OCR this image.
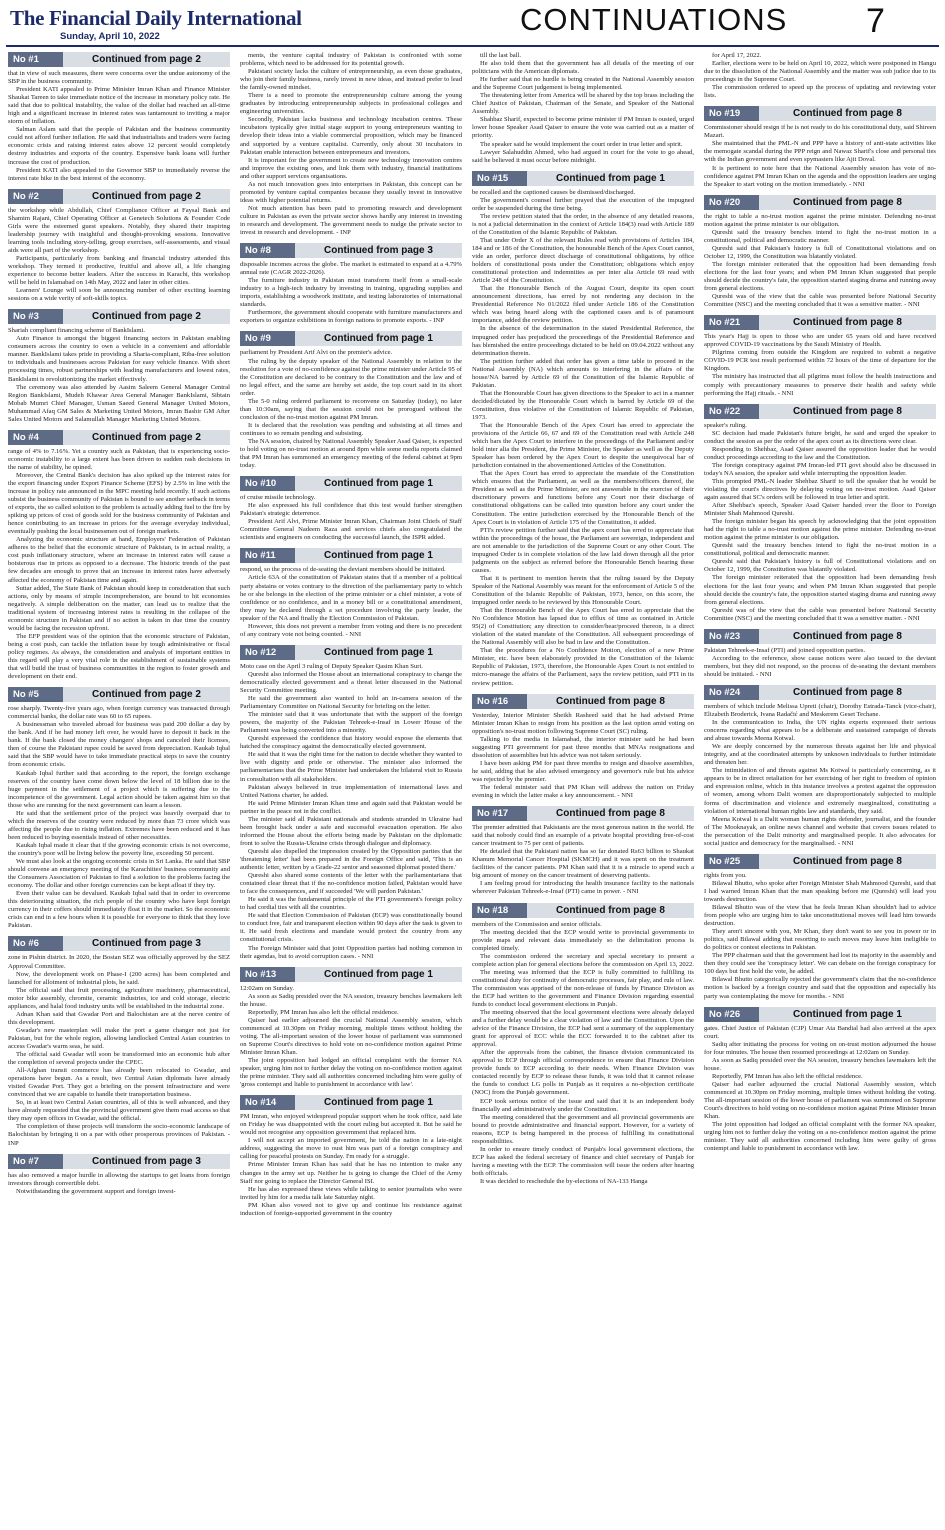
The Financial Daily International
Sunday, April 10, 2022	CONTINUATIONS 7
No #1	Continued from page 2

that in view of such measures, there were concerns over the undue autonomy of the SBP in the business community.

President KATI appealed to Prime Minister Imran Khan and Finance Minister Shaukat Tareen to take immediate notice of the increase in monetary policy rate. He said that due to political instability, the value of the dollar had reached an all-time high and a significant increase in interest rates was tantamount to inviting a major storm of inflation.

Salman Aslam said that the people of Pakistan and the business community could not afford further inflation. He said that industrialists and traders were facing economic crisis and raising interest rates above 12 percent would completely destroy industries and exports of the country. Expensive bank loans will further increase the cost of production.

President KATI also appealed to the Governor SBP to immediately reverse the interest rate hike in the best interest of the economy.

No #2	Continued from page 2

the workshop while Abdullah, Chief Compliance Officer at Faysal Bank and Shamim Rajani, Chief Operating Officer at Genetech Solutions & Founder Code Girls were the esteemed guest speakers. Notably, they shared their inspiring leadership journey with insightful and thought-provoking sessions. Innovative learning tools including story-telling, group exercises, self-assessments, and visual aids were all part of the workshop.

Participants, particularly from banking and financial industry attended this workshop. They termed it productive, fruitful and above all, a life changing experience to become better leaders. After the success in Karachi, this workshop will be held in Islamabad on 14th May, 2022 and later in other cities.

Learners' Lounge will soon be announcing number of other exciting learning sessions on a wide verity of soft-skills topics.

No #3	Continued from page 2

Shariah compliant financing scheme of BankIslami.

Auto Finance is amongst the biggest financing sectors in Pakistan enabling consumers across the country to own a vehicle in a convenient and affordable manner. BankIslami takes pride in providing a Sharia-compliant, Riba-free solution to individuals and businesses across Pakistan for easy vehicle finance. With short processing times, robust partnerships with leading manufacturers and lowest rates, BankIslami is revolutionizing the market effectively.

The ceremony was also attended by Aasim Saleem General Manager Central Region BankIslami, Mudeh Khawar Area General Manager BankIslami, Sibtain Mobab Mumri Chief Manager, Usman Saeed General Manager United Motors, Muhammad Afaq GM Sales & Marketing United Motors, Imran Bashir GM After Sales United Motors and Salamullah Manager Marketing United Motors.

No #4	Continued from page 2

range of 4% to 7.16%. Yet a country such as Pakistan, that is experiencing socio-economic instability to a large extent has been driven to sudden rash decisions in the name of stability, he opined.

Moreover, the Central Bank's decision has also spiked up the interest rates for the export financing under Export Finance Scheme (EFS) by 2.5% in line with the increase in policy rate announced in the MPC meeting held recently. If such actions subsist the business community of Pakistan is bound to see another setback in terms of exports, the so called solution to the problem is actually adding fuel to the fire by spiking up prices of cost of goods sold for the business community of Pakistan and hence contributing to an increase in prices for the average everyday individual, eventually pushing the local businessmen out of foreign markets.

Analyzing the economic structure at hand, Employers' Federation of Pakistan adheres to the belief that the economic structure of Pakistan, is in actual reality, a cost push inflationary structure, where an increase in interest rates will cause a boisterous rise in prices as opposed to a decrease. The historic trends of the past few decades are enough to prove that an increase in interest rates have adversely affected the economy of Pakistan time and again.

Suttar added, The State Bank of Pakistan should keep in consideration that such actions, only by means of simple incomprehension, are bound to hit economies negatively. A simple deliberation on the matter, can lead us to realize that the traditional system of increasing interest rates is resulting in the collapse of the economic structure in Pakistan and if no action is taken in due time the country would be facing the recession upfront.

The EFP president was of the opinion that the economic structure of Pakistan, being a cost push, can tackle the inflation issue by tough administrative or fiscal policy regimes. As always, the consideration and analysis of important entities in this regard will play a very vital role in the establishment of sustainable systems that will build the trust of business communities in the region to foster growth and development on their end.

No #5	Continued from page 2

rose sharply. Twenty-five years ago, when foreign currency was transacted through commercial banks, the dollar rate was 60 to 65 rupees.

A businessman who traveled abroad for business was paid 200 dollar a day by the bank. And if he had money left over, he would have to deposit it back in the bank. If the bank closed the money changers' shops and canceled their licenses, then of course the Pakistani rupee could be saved from depreciation. Kaukab Iqbal said that the SBP would have to take immediate practical steps to save the country from economic crisis.

Kaukab Iqbal further said that according to the report, the foreign exchange reserves of the country have come down below the level of 18 billion due to the huge payment in the settlement of a project which is suffering due to the incompetence of the government. Legal action should be taken against him so that those who are running for the next government can learn a lesson.

He said that the settlement price of the project was heavily overpaid due to which the reserves of the country were reduced by more than 73 crore which was affecting the people due to rising inflation. Extremes have been reduced and it has been reduced to buying essentials instead of other necessities.

Kaukab Iqbal made it clear that if the growing economic crisis is not overcome, the country's poor will be living below the poverty line, exceeding 50 percent.

We must also look at the ongoing economic crisis in Sri Lanka. He said that SBP should convene an emergency meeting of the Karachiites' business community and the Consumers Association of Pakistan to find a solution to the problems facing the economy. The dollar and other foreign currencies can be kept afloat if they try.

Even their value can be devalued. Kaukab Iqbal said that in order to overcome this deteriorating situation, the rich people of the country who have kept foreign currency in their coffers should immediately float it in the market. So the economic crisis can end in a few hours when it is possible for everyone to think that they love Pakistan.

No #6	Continued from page 3

zone in Pishin district. In 2020, the Bostan SEZ was officially approved by the SEZ Approval Committee.

Now, the development work on Phase-I (200 acres) has been completed and launched for allotment of industrial plots, he said.

The official said that fruit processing, agriculture machinery, pharmaceutical, motor bike assembly, chromite, ceramic industries, ice and cold storage, electric appliances, and halal food industry units will be established in the industrial zone.

Adnan Khan said that Gwadar Port and Balochistan are at the nerve centre of this development.

Gwadar's new masterplan will make the port a game changer not just for Pakistan, but for the whole region, allowing landlocked Central Asian countries to access Gwadar's warm seas, he said.

The official said Gwadar will soon be transformed into an economic hub after the completion of several projects under the CPEC.

All-Afghan transit commerce has already been relocated to Gwadar, and operations have begun. As a result, two Central Asian diplomats have already visited Gwadar Port. They got a briefing on the present infrastructure and were convinced that we are capable to handle their transportation business.

So, in at least two Central Asian countries, all of this is well advanced, and they have already requested that the provincial government give them road access so that they may open offices in Gwadar, said the official.

The completion of these projects will transform the socio-economic landscape of Balochistan by bringing it on a par with other prosperous provinces of Pakistan. - INP

No #7	Continued from page 3

has also removed a major hurdle in allowing the startups to get loans from foreign investors through convertible debt.

Notwithstanding the government support and foreign invest-

ments, the venture capital industry of Pakistan is confronted with some problems, which need to be addressed for its potential growth.

Pakistani society lacks the culture of entrepreneurship, as even those graduates, who join their family business, rarely invest in new ideas, and instead prefer to lead the family-owned mindset.

There is a need to promote the entrepreneurship culture among the young graduates by introducing entrepreneurship subjects in professional colleges and engineering universities.

Secondly, Pakistan lacks business and technology incubation centres. These incubators typically give initial stage support to young entrepreneurs wanting to develop their ideas into a viable commercial proposition, which may be financed and supported by a venture capitalist. Currently, only about 30 incubators in Pakistan enable interaction between entrepreneurs and investors.

It is important for the government to create new technology innovation centres and improve the existing ones, and link them with industry, financial institutions and other support services organisations.

As not much innovation goes into enterprises in Pakistan, this concept can be promoted by venture capital companies because they usually invest in innovative ideas with higher potential returns.

Not much attention has been paid to promoting research and development culture in Pakistan as even the private sector shows hardly any interest in investing in research and development. The government needs to nudge the private sector to invest in research and development. - INP

No #8	Continued from page 3

disposable incomes across the globe. The market is estimated to expand at a 4.79% annual rate (CAGR 2022-2026).

The furniture industry in Pakistan must transform itself from a small-scale industry to a high-tech industry by investing in training, upgrading supplies and imports, establishing a woodwork institute, and testing laboratories of international standards.

Furthermore, the government should cooperate with furniture manufacturers and exporters to organize exhibitions in foreign nations to promote exports. - INP

No #9	Continued from page 1

parliament by President Arif Alvi on the premier's advice.

The ruling by the deputy speaker of the National Assembly in relation to the resolution for a vote of no-confidence against the prime minister under Article 95 of the Constitution are declared to be contrary to the Constitution and the law and of no legal effect, and the same are hereby set aside, the top court said in its short order.

The 5-0 ruling ordered parliament to reconvene on Saturday (today), no later than 10:30am, saying that the session could not be prorogued without the conclusion of the no-trust motion against PM Imran.

It is declared that the resolution was pending and subsisting at all times and continues to so remain pending and subsisting.

The NA session, chaired by National Assembly Speaker Asad Qaiser, is expected to hold voting on no-trust motion at around 8pm while some media reports claimed that PM Imran has summoned an emergency meeting of the federal cabinet at 9pm today.

No #10	Continued from page 1

of cruise missile technology.

He also expressed his full confidence that this test would further strengthen Pakistan's strategic deterrence.

President Arif Alvi, Prime Minister Imran Khan, Chairman Joint Chiefs of Staff Committee General Nadeem Raza and services chiefs also congratulated the scientists and engineers on conducting the successful launch, the ISPR added.

No #11	Continued from page 1

respond, so the process of de-seating the deviant members should be initiated.

Article 63A of the constitution of Pakistan states that if a member of a political party abstains or votes contrary to the direction of the parliamentary party to which he or she belongs in the election of the prime minister or a chief minister, a vote of confidence or no confidence, and in a money bill or a constitutional amendment, they may be declared through a set procedure involving the party leader, the speaker of the NA and finally the Election Commission of Pakistan.

However, this does not prevent a member from voting and there is no precedent of any contrary vote not being counted. - NNI

No #12	Continued from page 1

Moto case on the April 3 ruling of Deputy Speaker Qasim Khan Suri.

Qureshi also informed the House about an international conspiracy to change the democratically elected government and a threat letter discussed in the National Security Committee meeting.

He said the government also wanted to hold an in-camera session of the Parliamentary Committee on National Security for briefing on the letter.

The minister said that it was unfortunate that with the support of the foreign powers, the majority of the Pakistan Tehreek-e-Insaf in Lower House of the Parliament was being converted into a minority.

Qureshi expressed the confidence that history would expose the elements that hatched the conspiracy against the democratically elected government.

He said that it was the right time for the nation to decide whether they wanted to live with dignity and pride or otherwise. The minister also informed the parliamentarians that the Prime Minister had undertaken the bilateral visit to Russia in consultation with all stakeholders.

Pakistan always believed in true implementation of international laws and United Nations charter, he added.

He said Prime Minister Imran Khan time and again said that Pakistan would be partner in the peace not in the conflict.

The minister said all Pakistani nationals and students stranded in Ukraine had been brought back under a safe and successful evacuation operation. He also informed the House about the efforts being made by Pakistan on the diplomatic front to solve the Russia-Ukraine crisis through dialogue and diplomacy.

Qureshi also dispelled the impression created by the Opposition parties that the 'threatening letter' had been prepared in the Foreign Office and said, 'This is an authentic letter, written by a Grade-22 senior and seasoned diplomat posted there.'

Qureshi also shared some contents of the letter with the parliamentarians that contained clear threat that if the no-confidence motion failed, Pakistan would have to face the consequences, and if succeeded 'We will pardon Pakistan.'

He said it was the fundamental principle of the PTI government's foreign policy to had cordial ties with all the countries.

He said that Election Commission of Pakistan (ECP) was constitutionally bound to conduct free, fair and transparent election within 90 days after the task is given to it. He said fresh elections and mandate would protect the country from any constitutional crisis.

The Foreign Minister said that joint Opposition parties had nothing common in their agendas, but to avoid corruption cases. - NNI

No #13	Continued from page 1

12:02am on Sunday.

As soon as Sadiq presided over the NA session, treasury benches lawmakers left the house.

Reportedly, PM Imran has also left the official residence.

Qaiser had earlier adjourned the crucial National Assembly session, which commenced at 10.30pm on Friday morning, multiple times without holding the voting. The all-important session of the lower house of parliament was summoned on Supreme Court's directives to hold vote on no-confidence motion against Prime Minister Imran Khan.

The joint opposition had lodged an official complaint with the former NA speaker, urging him not to further delay the voting on no-confidence motion against the prime minister. They said all authorities concerned including him were guilty of 'gross contempt and liable to punishment in accordance with law'.

No #14	Continued from page 1

PM Imran, who enjoyed widespread popular support when he took office, said late on Friday he was disappointed with the court ruling but accepted it. But he said he would not recognise any opposition government that replaced him.

I will not accept an imported government, he told the nation in a late-night address, suggesting the move to oust him was part of a foreign conspiracy and calling for peaceful protests on Sunday. I'm ready for a struggle.

Prime Minister Imran Khan has said that he has no intention to make any changes in the army set up. Neither he is going to change the Chief of the Army Staff nor going to replace the Director General ISI.

He has also expressed these views while talking to senior journalists who were invited by him for a media talk late Saturday night.

PM Khan also vowed not to give up and continue his resistance against induction of foreign-supported government in the country

till the last ball.

He also told them that the government has all details of the meeting of our politicians with the American diplomats.

He further said that no hurdle is being created in the National Assembly session and the Supreme Court judgement is being implemented.

The threatening letter from America will be shared by the top brass including the Chief Justice of Pakistan, Chairman of the Senate, and Speaker of the National Assembly.

Shahbaz Sharif, expected to become prime minister if PM Imran is ousted, urged lower house Speaker Asad Qaiser to ensure the vote was carried out as a matter of priority.

The speaker said he would implement the court order in true letter and spirit.

Lawyer Salahuddin Ahmed, who had argued in court for the vote to go ahead, said he believed it must occur before midnight.

No #15	Continued from page 1

be recalled and the captioned causes be dismissed/discharged.

The government's counsel further prayed that the execution of the impugned order be suspended during the time being.

The review petition stated that the order, in the absence of any detailed reasons, is not a judicial determination in the context of Article 184(3) read with Article 189 of the Constitution of the Islamic Republic of Pakistan.

That under Order X of the relevant Rules read with provisions of Articles 184, 184 and or 186 of the Constitution, the honourable Bench of the Apex Court cannot, vide an order, perforce direct discharge of constitutional obligations, by office holders of constitutional posts under the Constitution; obligations which enjoy constitutional protection and indemnities as per inter alia Article 69 read with Article 248 of the Constitution.

That the Honourable Bench of the August Court, despite its open court announcement directions, has erred by not rendering any decision in the Presidential Reference No 01/2022 filed under Article 186 of the Constitution which was being heard along with the captioned cases and is of paramount importance, added the review petition.

In the absence of the determination in the stated Presidential Reference, the impugned order has prejudiced the proceedings of the Presidential Reference and has blemished the entire proceedings dictated to be held on 09.04.2022 without any determination therein.

The petition further added that order has given a time table to proceed in the National Assembly (NA) which amounts to interfering in the affairs of the house/NA barred by Article 69 of the Constitution of the Islamic Republic of Pakistan.

That the Honourable Court has given directions to the Speaker to act in a manner decided/dictated by the Honourable Court which is barred by Article 69 of the Constitution, thus violative of the Constitution of Islamic Republic of Pakistan, 1973.

That the Honourable Bench of the Apex Court has erred to appreciate the provisions of the Article 66, 67 and 69 of the Constitution read with Article 248 which bars the Apex Court to interfere in the proceedings of the Parliament and/or hold inter alia the President, the Prime Minister, the Speaker as well as the Deputy Speaker has been ordered by the Apex Court to despite the unequivocal bar of jurisdiction contained in the abovementioned Articles of the Constitution.

That the Apex Court has erred to appreciate the mandate of the Constitution which ensures that the Parliament, as well as the members/officers thereof, the President as well as the Prime Minister, are not answerable in the exercise of their discretionary powers and functions before any Court nor their discharge of constitutional obligations can be called into question before any court under the Constitution. The entire jurisdiction exercised by the Honourable Bench of the Apex Court is in violation of Article 175 of the Constitution, it added.

PTI's review petition further said that the apex court has erred to appreciate that within the proceedings of the house, the Parliament are sovereign, independent and are not amenable to the jurisdiction of the Supreme Court or any other Court. The impugned Order is in complete violation of the law laid down through all the prior judgments on the subject as referred before the Honourable Bench hearing these causes.

That it is pertinent to mention herein that the ruling issued by the Deputy Speaker of the National Assembly was meant for the enforcement of Article 5 of the Constitution of the Islamic Republic of Pakistan, 1973, hence, on this score, the impugned order needs to be reviewed by this Honourable Court.

That the Honourable Bench of the Apex Court has erred to appreciate that the No Confidence Motion has lapsed due to efflux of time as contained in Article 95(2) of Constitution; any direction to consider/hear/proceed thereon, is a direct violation of the stated mandate of the Constitution. All subsequent proceedings of the National Assembly will also be bad in law and the Constitution.

That the procedures for a No Confidence Motion, election of a new Prime Minister, etc. have been elaborately provided in the Constitution of the Islamic Republic of Pakistan, 1973, therefore, the Honourable Apex Court is not entitled to micro-manage the affairs of the Parliament, says the review petition, said PTI in its review petition.

No #16	Continued from page 8

Yesterday, Interior Minister Sheikh Rasheed said that he had advised Prime Minister Imran Khan to resign from his position as the last option amid voting on opposition's no-trust motion following Supreme Court (SC) ruling.

Talking to the media in Islamabad, the interior minister said he had been suggesting PTI government for past three months that MNAs resignations and dissolution of assemblies but his advice was not taken seriously.

I have been asking PM for past three months to resign and dissolve assemblies, he said, adding that he also advised emergency and governor's rule but his advice was rejected by the premier.

The federal minister said that PM Khan will address the nation on Friday evening in which the latter make a key announcement. - NNI

No #17	Continued from page 8

The premier admitted that Pakistanis are the most generous nation in the world. He said that nobody could find an example of a private hospital providing free-of-cost cancer treatment to 75 per cent of patients.

He detailed that the Pakistani nation has so far donated Rs63 billion to Shaukat Khanum Memorial Cancer Hospital (SKMCH) and it was spent on the treatment facilities of the cancer patients. PM Khan said that it is a miracle to spend such a big amount of money on the cancer treatment of deserving patients.

I am feeling proud for introducing the health insurance facility to the nationals wherever Pakistan Tehreek-e-Insaf (PTI) came in power. - NNI

No #18	Continued from page 8

members of the Commission and senior officials.

The meeting decided that the ECP would write to provincial governments to provide maps and relevant data immediately so the delimitation process is completed timely.

The commission ordered the secretary and special secretary to present a complete action plan for general elections before the commission on April 13, 2022.

The meeting was informed that the ECP is fully committed to fulfilling its constitutional duty for continuity of democratic processes, fair play, and rule of law. The commission was apprised of the non-release of funds by Finance Division as the ECP had written to the government and Finance Division regarding essential funds to conduct local government elections in Punjab.

The meeting observed that the local government elections were already delayed and a further delay would be a clear violation of law and the Constitution. Upon the advice of the Finance Division, the ECP had sent a summary of the supplementary grant for approval of ECC while the ECC forwarded it to the cabinet after its approval.

After the approvals from the cabinet, the finance division communicated its approval to ECP through official correspondence to ensure that Finance Division provide funds to ECP according to their needs. When Finance Division was contacted recently by ECP to release these funds, it was told that it cannot release the funds to conduct LG polls in Punjab as it requires a no-objection certificate (NOC) from the Punjab government.

ECP took serious notice of the issue and said that it is an independent body financially and administratively under the Constitution.

The meeting considered that the government and all provincial governments are bound to provide administrative and financial support. However, for a variety of reasons, ECP is being hampered in the process of fulfilling its constitutional responsibilities.

In order to ensure timely conduct of Punjab's local government elections, the ECP has asked the federal secretary of finance and chief secretary of Punjab for having a meeting with the ECP. The commission will issue the orders after hearing both officials.

It was decided to reschedule the by-elections of NA-133 Hanga

for April 17, 2022.

Earlier, elections were to be held on April 10, 2022, which were postponed in Hangu due to the dissolution of the National Assembly and the matter was sub judice due to its proceedings in the Supreme Court.

The commission ordered to speed up the process of updating and reviewing voter lists.

No #19	Continued from page 8

Commissioner should resign if he is not ready to do his constitutional duty, said Shireen Mazari.

She maintained that the PML-N and PPP have a history of anti-state activities like the memogate scandal during the PPP reign and Nawaz Sharif's close and personal ties with the Indian government and even spymasters like Ajit Doval.

It is pertinent to note here that the National Assembly session has vote of no-confidence against PM Imran Khan on the agenda and the opposition leaders are urging the Speaker to start voting on the motion immediately. - NNI

No #20	Continued from page 8

the right to table a no-trust motion against the prime minister. Defending no-trust motion against the prime minister is our obligation.

Qureshi said the treasury benches intend to fight the no-trust motion in a constitutional, political and democratic manner.

Qureshi said that Pakistan's history is full of Constitutional violations and on October 12, 1999, the Constitution was blatantly violated.

The foreign minister reiterated that the opposition had been demanding fresh elections for the last four years; and when PM Imran Khan suggested that people should decide the country's fate, the opposition started staging drama and running away from general elections.

Qureshi was of the view that the cable was presented before National Security Committee (NSC) and the meeting concluded that it was a sensitive matter. - NNI

No #21	Continued from page 8

This year's Hajj is open to those who are under 65 years old and have received approved COVID-19 vaccinations by the Saudi Ministry of Health.

Pilgrims coming from outside the Kingdom are required to submit a negative COVID-19 PCR test result performed within 72 hours of the time of departure for the Kingdom.

The ministry has instructed that all pilgrims must follow the health instructions and comply with precautionary measures to preserve their health and safety while performing the Hajj rituals. - NNI

No #22	Continued from page 8

speaker's ruling.

SC decision had made Pakistan's future bright, he said and urged the speaker to conduct the session as per the order of the apex court as its directions were clear.

Responding to Shehbaz, Asad Qaiser assured the opposition leader that he would conduct proceedings according to the law and the Constitution.

The foreign conspiracy against PM Imran-led PTI govt should also be discussed in today's NA session, the speaker said while interrupting the opposition leader.

This prompted PML-N leader Shehbaz Sharif to tell the speaker that he would be violating the court's directives by delaying voting on no-trust motion. Asad Qaiser again assured that SC's orders will be followed in true letter and spirit.

After Shehbaz's speech, Speaker Asad Qaiser handed over the floor to Foreign Minister Shah Mahmood Qureshi.

The foreign minister began his speech by acknowledging that the joint opposition had the right to table a no-trust motion against the prime minister. Defending no-trust motion against the prime minister is our obligation.

Qureshi said the treasury benches intend to fight the no-trust motion in a constitutional, political and democratic manner.

Qureshi said that Pakistan's history is full of Constitutional violations and on October 12, 1999, the Constitution was blatantly violated.

The foreign minister reiterated that the opposition had been demanding fresh elections for the last four years; and when PM Imran Khan suggested that people should decide the country's fate, the opposition started staging drama and running away from general elections.

Qureshi was of the view that the cable was presented before National Security Committee (NSC) and the meeting concluded that it was a sensitive matter. - NNI

No #23	Continued from page 8

Pakistan Tehreek-e-Insaf (PTI) and joined opposition parties.

According to the reference, show cause notices were also issued to the deviant members, but they did not respond, so the process of de-seating the deviant members should be initiated. - NNI

No #24	Continued from page 8

members of which include Melissa Upreti (chair), Dorothy Estrada-Tanck (vice-chair), Elizabeth Broderick, Ivana Radačić and Meskerem Geset Techane.

In the communication to India, the UN rights experts expressed their serious concerns regarding what appears to be a deliberate and sustained campaign of threats and abuse towards Meena Kotwal.

We are deeply concerned by the numerous threats against her life and physical integrity, and at the coordinated attempts by unknown individuals to further intimidate and threaten her.

The intimidation of and threats against Ms Kotwal is particularly concerning, as it appears to be in direct retaliation for her exercising of her right to freedom of opinion and expression online, which in this instance involves a protest against the oppression of women, among whom Dalit women are disproportionately subjected to multiple forms of discrimination and violence and extremely marginalized, constituting a violation of international human rights law and standards, they said.

Meena Kotwal is a Dalit woman human rights defender, journalist, and the founder of The Mooknayak, an online news channel and website that covers issues related to the persecution of the Dalit minority and marginalised people. It also advocates for social justice and democracy for the marginalised. - NNI

No #25	Continued from page 8

rights from you.

Bilawal Bhutto, who spoke after Foreign Minister Shah Mahmood Qureshi, said that I had warned Imran Khan that the man speaking before me (Qureshi) will lead you towards destruction.

Bilawal Bhutto was of the view that he feels Imran Khan shouldn't had to advice from people who are urging him to take unconstitutional moves will lead him towards destruction.

They aren't sincere with you, Mr Khan, they don't want to see you in power or in politics, said Bilawal adding that resorting to such moves may leave him ineligible to do politics or contest elections in Pakistan.

The PPP chairman said that the government had lost its majority in the assembly and then they could see the 'conspiracy letter'. We can debate on the foreign conspiracy for 100 days but first hold the vote, he added.

Bilawal Bhutto categorically rejected the government's claim that the no-confidence motion is backed by a foreign country and said that the opposition and especially his party was contemplating the move for months. - NNI

No #26	Continued from page 1

gates. Chief Justice of Pakistan (CJP) Umar Ata Bandial had also arrived at the apex court.

Sadiq after initiating the process for voting on on-trust motion adjourned the house for four minutes. The house then resumed proceedings at 12:02am on Sunday.

As soon as Sadiq presided over the NA session, treasury benches lawmakers left the house.

Reportedly, PM Imran has also left the official residence.

Qaiser had earlier adjourned the crucial National Assembly session, which commenced at 10.30pm on Friday morning, multiple times without holding the voting. The all-important session of the lower house of parliament was summoned on Supreme Court's directives to hold voting on no-confidence motion against Prime Minister Imran Khan.

The joint opposition had lodged an official complaint with the former NA speaker, urging him not to further delay the voting on a no-confidence motion against the prime minister. They said all authorities concerned including him were guilty of gross contempt and liable to punishment in accordance with law.
